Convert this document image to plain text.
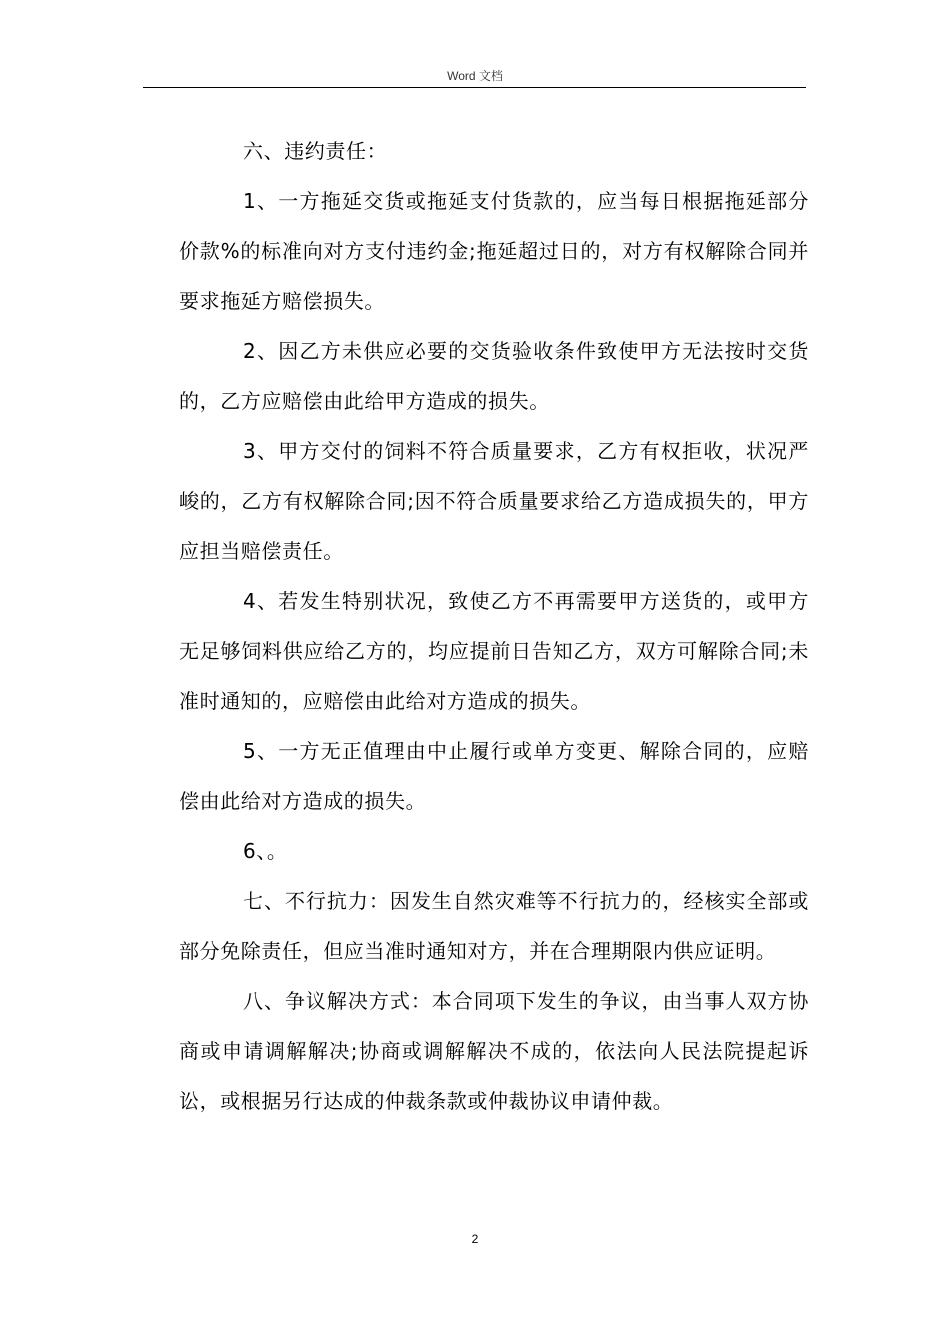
Word 文档

六、违约责任：

1、一方拖延交货或拖延支付货款的，应当每日根据拖延部分价款%的标准向对方支付违约金;拖延超过日的，对方有权解除合同并要求拖延方赔偿损失。

2、因乙方未供应必要的交货验收条件致使甲方无法按时交货的，乙方应赔偿由此给甲方造成的损失。

3、甲方交付的饲料不符合质量要求，乙方有权拒收，状况严峻的，乙方有权解除合同;因不符合质量要求给乙方造成损失的，甲方应担当赔偿责任。

4、若发生特别状况，致使乙方不再需要甲方送货的，或甲方无足够饲料供应给乙方的，均应提前日告知乙方，双方可解除合同;未准时通知的，应赔偿由此给对方造成的损失。

5、一方无正值理由中止履行或单方变更、解除合同的，应赔偿由此给对方造成的损失。

6、。

七、不行抗力：因发生自然灾难等不行抗力的，经核实全部或部分免除责任，但应当准时通知对方，并在合理期限内供应证明。

八、争议解决方式：本合同项下发生的争议，由当事人双方协商或申请调解解决;协商或调解解决不成的，依法向人民法院提起诉讼，或根据另行达成的仲裁条款或仲裁协议申请仲裁。

2
